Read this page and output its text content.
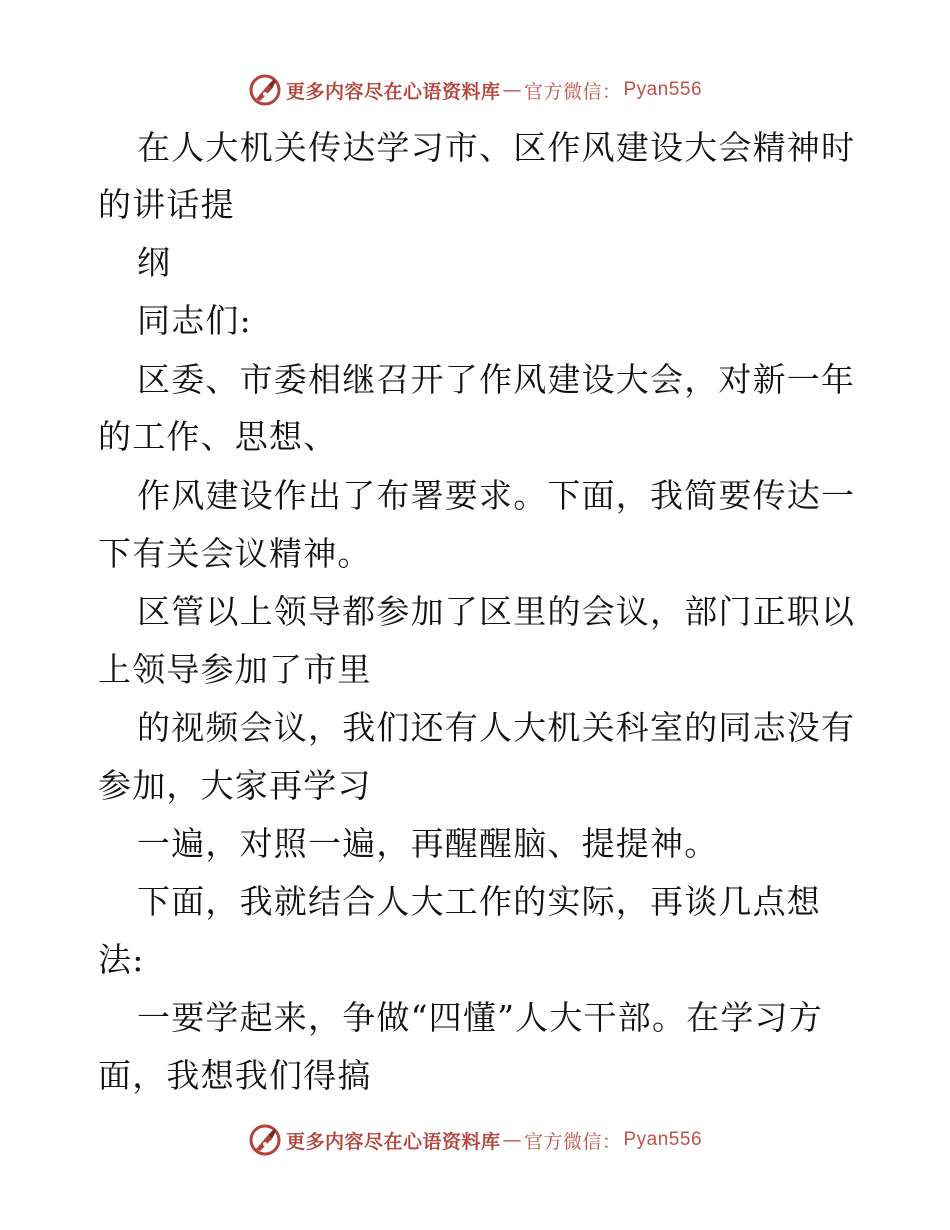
更多内容尽在心语资料库 — 官方微信： Pyan556
在人大机关传达学习市、区作风建设大会精神时
的讲话提
纲
同志们:
区委、市委相继召开了作风建设大会，对新一年
的工作、思想、
作风建设作出了布署要求。下面，我简要传达一
下有关会议精神。
区管以上领导都参加了区里的会议，部门正职以
上领导参加了市里
的视频会议，我们还有人大机关科室的同志没有
参加，大家再学习
一遍，对照一遍，再醒醒脑、提提神。
下面，我就结合人大工作的实际，再谈几点想
法:
一要学起来，争做“四懂”人大干部。在学习方
面，我想我们得搞
更多内容尽在心语资料库 — 官方微信： Pyan556
